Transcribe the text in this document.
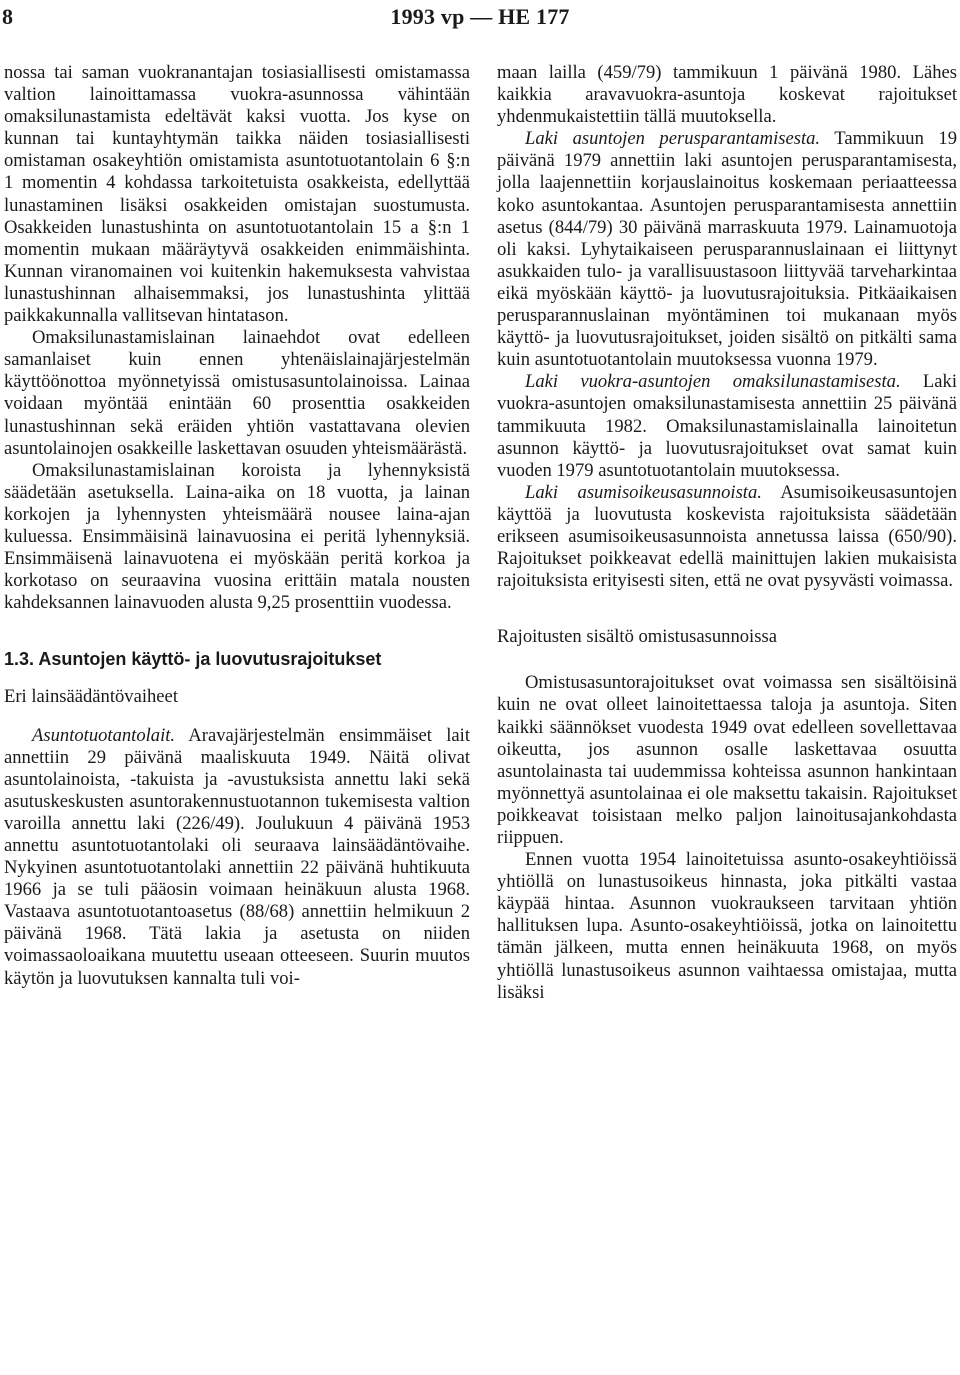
8	1993 vp — HE 177

nossa tai saman vuokranantajan tosiasiallisesti omistamassa valtion lainoittamassa vuokra-asunnossa vähintään omaksilunastamista edeltävät kaksi vuotta. Jos kyse on kunnan tai kuntayhtymän taikka näiden tosiasiallisesti omistaman osakeyhtiön omistamista asuntotuotantolain 6 §:n 1 momentin 4 kohdassa tarkoitetuista osakkeista, edellyttää lunastaminen lisäksi osakkeiden omistajan suostumusta. Osakkeiden lunastushinta on asuntotuotantolain 15 a §:n 1 momentin mukaan määräytyvä osakkeiden enimmäishinta. Kunnan viranomainen voi kuitenkin hakemuksesta vahvistaa lunastushinnan alhaisemmaksi, jos lunastushinta ylittää paikkakunnalla vallitsevan hintatason.

Omaksilunastamislainan lainaehdot ovat edelleen samanlaiset kuin ennen yhtenäislainajärjestelmän käyttöönottoa myönnetyissä omistusasuntolainoissa. Lainaa voidaan myöntää enintään 60 prosenttia osakkeiden lunastushinnan sekä eräiden yhtiön vastattavana olevien asuntolainojen osakkeille laskettavan osuuden yhteismäärästä.

Omaksilunastamislainan koroista ja lyhennyksistä säädetään asetuksella. Laina-aika on 18 vuotta, ja lainan korkojen ja lyhennysten yhteismäärä nousee laina-ajan kuluessa. Ensimmäisinä lainavuosina ei peritä lyhennyksiä. Ensimmäisenä lainavuotena ei myöskään peritä korkoa ja korkotaso on seuraavina vuosina erittäin matala nousten kahdeksannen lainavuoden alusta 9,25 prosenttiin vuodessa.

1.3. Asuntojen käyttö- ja luovutusrajoitukset

Eri lainsäädäntövaiheet

Asuntotuotantolait. Aravajärjestelmän ensimmäiset lait annettiin 29 päivänä maaliskuuta 1949. Näitä olivat asuntolainoista, -takuista ja -avustuksista annettu laki sekä asutuskeskusten asuntorakennustuotannon tukemisesta valtion varoilla annettu laki (226/49). Joulukuun 4 päivänä 1953 annettu asuntotuotantolaki oli seuraava lainsäädäntövaihe. Nykyinen asuntotuotantolaki annettiin 22 päivänä huhtikuuta 1966 ja se tuli pääosin voimaan heinäkuun alusta 1968. Vastaava asuntotuotantoasetus (88/68) annettiin helmikuun 2 päivänä 1968. Tätä lakia ja asetusta on niiden voimassaoloaikana muutettu useaan otteeseen. Suurin muutos käytön ja luovutuksen kannalta tuli voi-

maan lailla (459/79) tammikuun 1 päivänä 1980. Lähes kaikkia aravavuokra-asuntoja koskevat rajoitukset yhdenmukaistettiin tällä muutoksella.

Laki asuntojen perusparantamisesta. Tammikuun 19 päivänä 1979 annettiin laki asuntojen perusparantamisesta, jolla laajennettiin korjauslainoitus koskemaan periaatteessa koko asuntokantaa. Asuntojen perusparantamisesta annettiin asetus (844/79) 30 päivänä marraskuuta 1979. Lainamuotoja oli kaksi. Lyhytaikaiseen perusparannuslainaan ei liittynyt asukkaiden tulo- ja varallisuustasoon liittyvää tarveharkintaa eikä myöskään käyttö- ja luovutusrajoituksia. Pitkäaikaisen perusparannuslainan myöntäminen toi mukanaan myös käyttö- ja luovutusrajoitukset, joiden sisältö on pitkälti sama kuin asuntotuotantolain muutoksessa vuonna 1979.

Laki vuokra-asuntojen omaksilunastamisesta. Laki vuokra-asuntojen omaksilunastamisesta annettiin 25 päivänä tammikuuta 1982. Omaksilunastamislainalla lainoitetun asunnon käyttö- ja luovutusrajoitukset ovat samat kuin vuoden 1979 asuntotuotantolain muutoksessa.

Laki asumisoikeusasunnoista. Asumisoikeusasuntojen käyttöä ja luovutusta koskevista rajoituksista säädetään erikseen asumisoikeusasunnoista annetussa laissa (650/90). Rajoitukset poikkeavat edellä mainittujen lakien mukaisista rajoituksista erityisesti siten, että ne ovat pysyvästi voimassa.

Rajoitusten sisältö omistusasunnoissa

Omistusasuntorajoitukset ovat voimassa sen sisältöisinä kuin ne ovat olleet lainoitettaessa taloja ja asuntoja. Siten kaikki säännökset vuodesta 1949 ovat edelleen sovellettavaa oikeutta, jos asunnon osalle laskettavaa osuutta asuntolainasta tai uudemmissa kohteissa asunnon hankintaan myönnettyä asuntolainaa ei ole maksettu takaisin. Rajoitukset poikkeavat toisistaan melko paljon lainoitusajankohdasta riippuen.

Ennen vuotta 1954 lainoitetuissa asunto-osakeyhtiöissä yhtiöllä on lunastusoikeus hinnasta, joka pitkälti vastaa käypää hintaa. Asunnon vuokraukseen tarvitaan yhtiön hallituksen lupa. Asunto-osakeyhtiöissä, jotka on lainoitettu tämän jälkeen, mutta ennen heinäkuuta 1968, on myös yhtiöllä lunastusoikeus asunnon vaihtaessa omistajaa, mutta lisäksi
